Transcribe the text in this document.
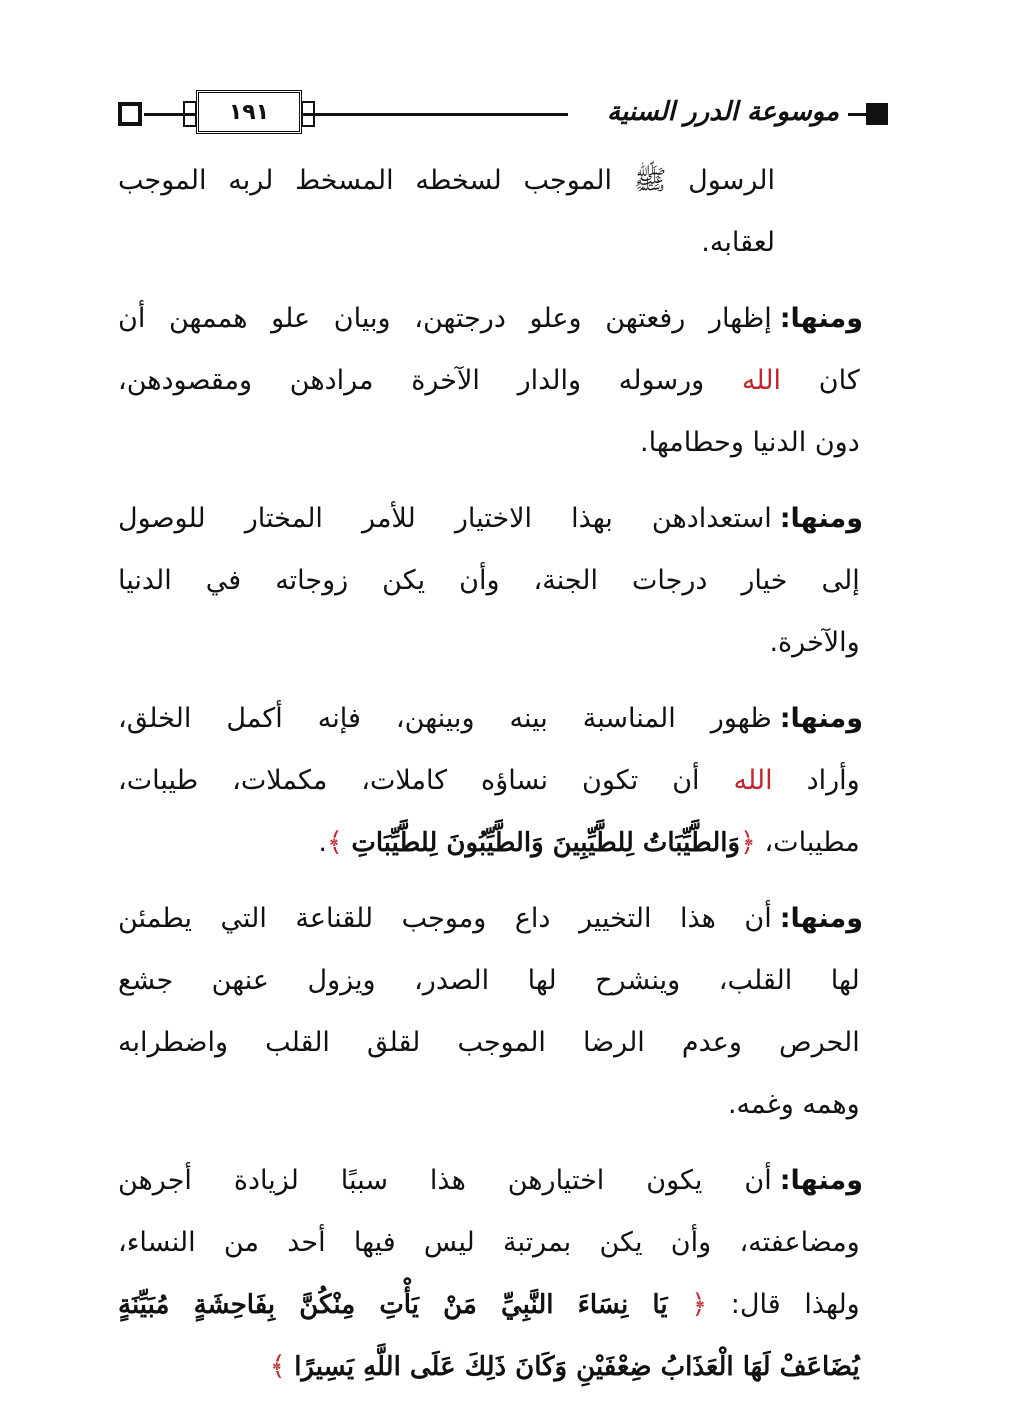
١٩١	موسوعة الدرر السنية
الرسول ﷺ الموجب لسخطه المسخط لربه الموجب
لعقابه.
ومنها:
إظهار رفعتهن وعلو درجتهن، وبيان علو هممهن أن
كان الله ورسوله والدار الآخرة مرادهن ومقصودهن،
دون الدنيا وحطامها.
ومنها:
استعدادهن بهذا الاختيار للأمر المختار للوصول
إلى خيار درجات الجنة، وأن يكن زوجاته في الدنيا
والآخرة.
ومنها:
ظهور المناسبة بينه وبينهن، فإنه أكمل الخلق،
وأراد الله أن تكون نساؤه كاملات، مكملات، طيبات،
مطيبات، ﴿وَالطَّيِّبَاتُ لِلطَّيِّبِينَ وَالطَّيِّبُونَ لِلطَّيِّبَاتِ ﴾.
ومنها:
أن هذا التخيير داع وموجب للقناعة التي يطمئن
لها القلب، وينشرح لها الصدر، ويزول عنهن جشع
الحرص وعدم الرضا الموجب لقلق القلب واضطرابه
وهمه وغمه.
ومنها:
أن يكون اختيارهن هذا سببًا لزيادة أجرهن
ومضاعفته، وأن يكن بمرتبة ليس فيها أحد من النساء،
ولهذا قال: ﴿ يَا نِسَاءَ النَّبِيِّ مَنْ يَأْتِ مِنْكُنَّ بِفَاحِشَةٍ مُبَيِّنَةٍ
يُضَاعَفْ لَهَا الْعَذَابُ ضِعْفَيْنِ وَكَانَ ذَلِكَ عَلَى اللَّهِ يَسِيرًا ﴾
